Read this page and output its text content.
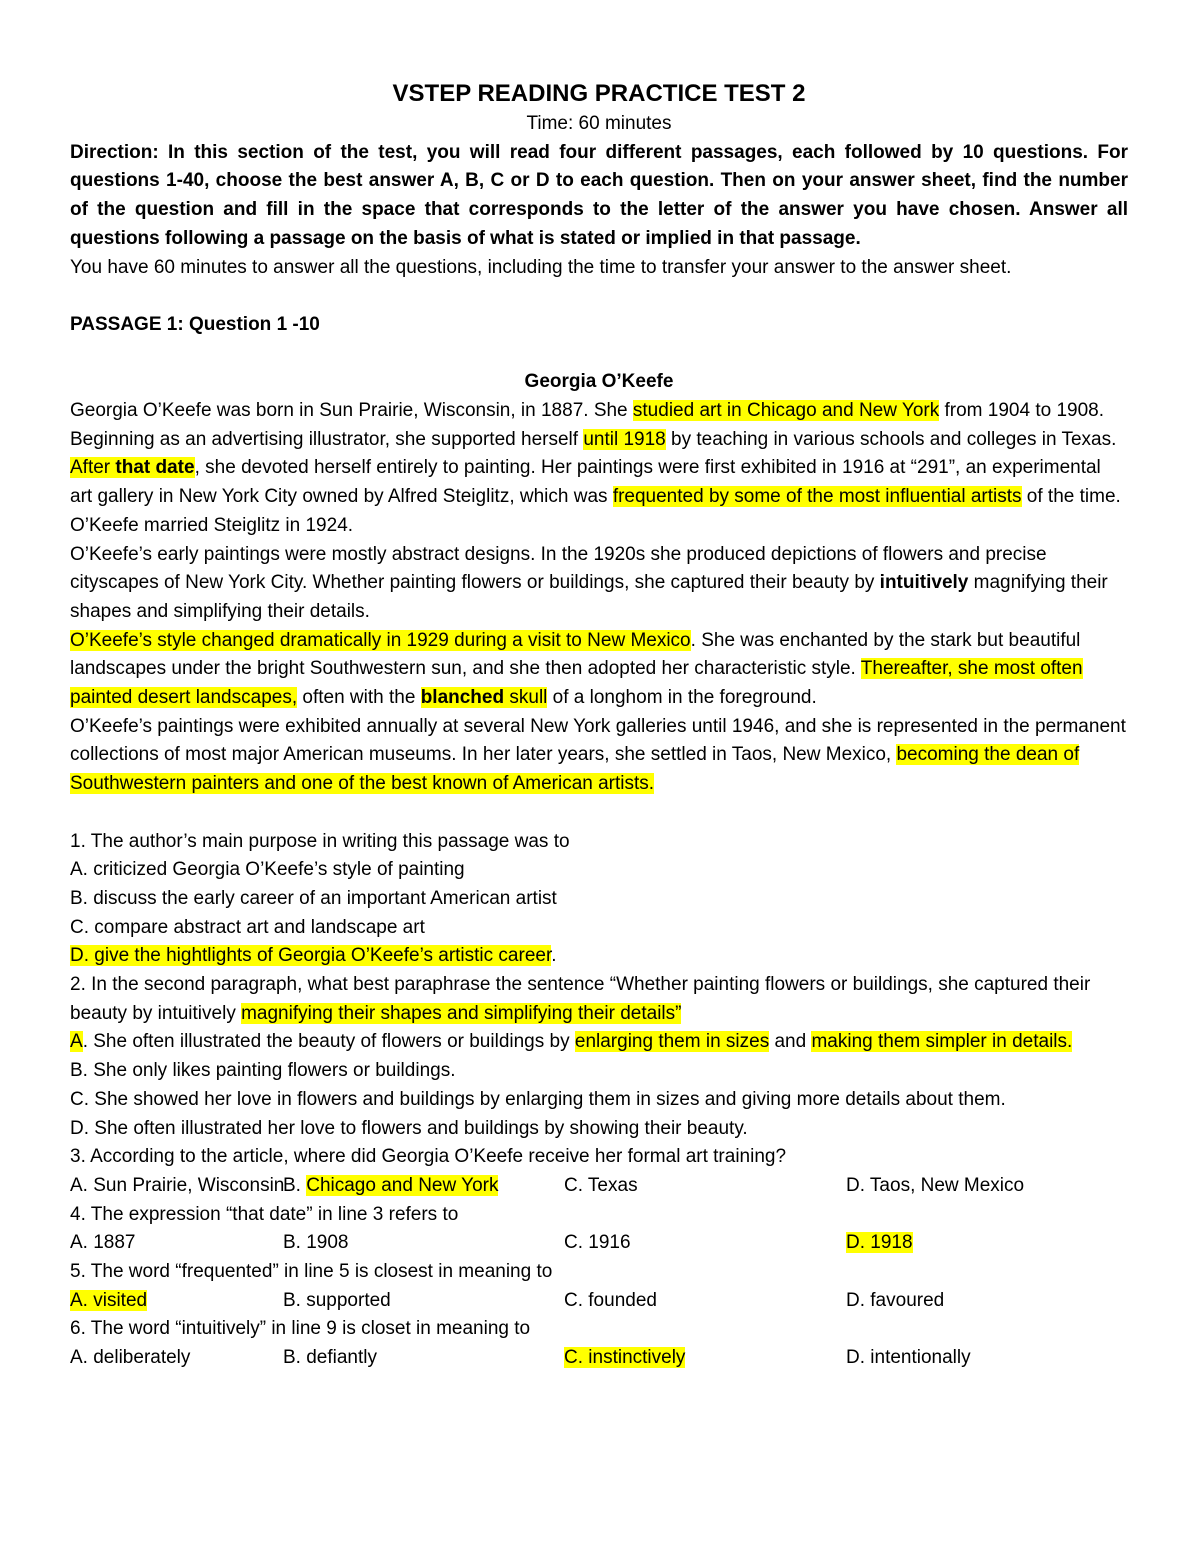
VSTEP READING PRACTICE TEST 2
Time: 60 minutes

Direction: In this section of the test, you will read four different passages, each followed by 10 questions. For questions 1-40, choose the best answer A, B, C or D to each question. Then on your answer sheet, find the number of the question and fill in the space that corresponds to the letter of the answer you have chosen. Answer all questions following a passage on the basis of what is stated or implied in that passage.

You have 60 minutes to answer all the questions, including the time to transfer your answer to the answer sheet.

PASSAGE 1: Question 1 -10

Georgia O’Keefe

Georgia O’Keefe was born in Sun Prairie, Wisconsin, in 1887. She studied art in Chicago and New York from 1904 to 1908. Beginning as an advertising illustrator, she supported herself until 1918 by teaching in various schools and colleges in Texas. After that date, she devoted herself entirely to painting. Her paintings were first exhibited in 1916 at “291”, an experimental art gallery in New York City owned by Alfred Steiglitz, which was frequented by some of the most influential artists of the time. O’Keefe married Steiglitz in 1924.

O’Keefe’s early paintings were mostly abstract designs. In the 1920s she produced depictions of flowers and precise cityscapes of New York City. Whether painting flowers or buildings, she captured their beauty by intuitively magnifying their shapes and simplifying their details.

O’Keefe’s style changed dramatically in 1929 during a visit to New Mexico. She was enchanted by the stark but beautiful landscapes under the bright Southwestern sun, and she then adopted her characteristic style. Thereafter, she most often painted desert landscapes, often with the blanched skull of a longhom in the foreground.

O’Keefe’s paintings were exhibited annually at several New York galleries until 1946, and she is represented in the permanent collections of most major American museums. In her later years, she settled in Taos, New Mexico, becoming the dean of Southwestern painters and one of the best known of American artists.

1. The author’s main purpose in writing this passage was to

A. criticized Georgia O’Keefe’s style of painting

B. discuss the early career of an important American artist

C. compare abstract art and landscape art

D. give the hightlights of Georgia O’Keefe’s artistic career.

2. In the second paragraph, what best paraphrase the sentence “Whether painting flowers or buildings, she captured their beauty by intuitively magnifying their shapes and simplifying their details”

A. She often illustrated the beauty of flowers or buildings by enlarging them in sizes and making them simpler in details.

B. She only likes painting flowers or buildings.

C. She showed her love in flowers and buildings by enlarging them in sizes and giving more details about them.

D. She often illustrated her love to flowers and buildings by showing their beauty.

3. According to the article, where did Georgia O’Keefe receive her formal art training?

A. Sun Prairie, Wisconsin
B. Chicago and New York	C. Texas	D. Taos, New Mexico

4. The expression “that date” in line 3 refers to

A. 1887	B. 1908	C. 1916	D. 1918

5. The word “frequented” in line 5 is closest in meaning to

A. visited	B. supported	C. founded	D. favoured

6. The word “intuitively” in line 9 is closet in meaning to

A. deliberately	B. defiantly	C. instinctively	D. intentionally
